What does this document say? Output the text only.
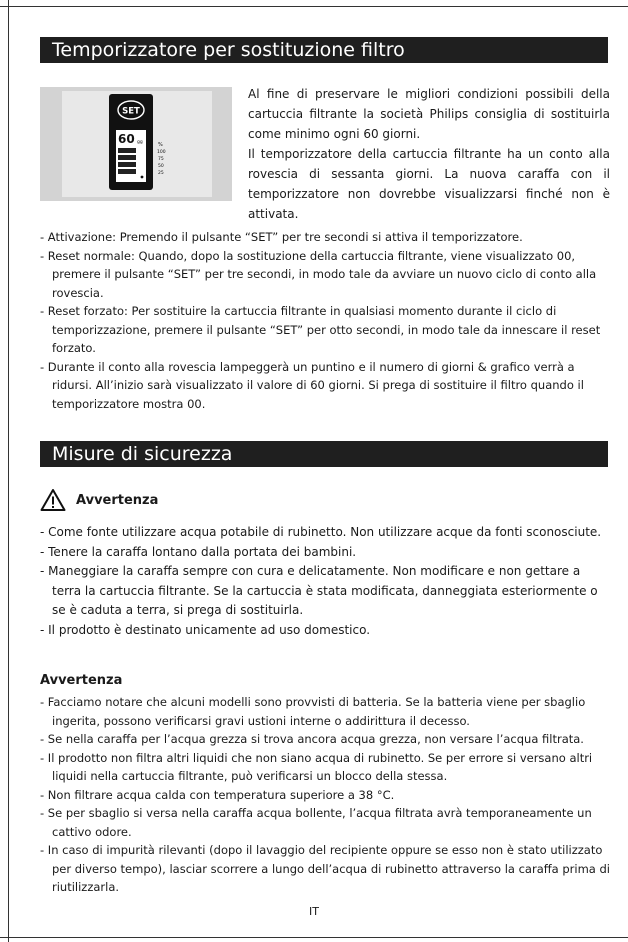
Temporizzatore per sostituzione filtro
SET
60 gg	%
100
75
50
25

Al fine di preservare le migliori condizioni possibili della cartuccia filtrante la società Philips consiglia di sostituirla come minimo ogni 60 giorni.

Il temporizzatore della cartuccia filtrante ha un conto alla rovescia di sessanta giorni. La nuova caraffa con il temporizzatore non dovrebbe visualizzarsi finché non è attivata.

- Attivazione: Premendo il pulsante “SET” per tre secondi si attiva il temporizzatore.
- Reset normale: Quando, dopo la sostituzione della cartuccia filtrante, viene visualizzato 00, premere il pulsante “SET” per tre secondi, in modo tale da avviare un nuovo ciclo di conto alla rovescia.
- Reset forzato: Per sostituire la cartuccia filtrante in qualsiasi momento durante il ciclo di temporizzazione, premere il pulsante “SET” per otto secondi, in modo tale da innescare il reset forzato.
- Durante il conto alla rovescia lampeggerà un puntino e il numero di giorni & grafico verrà a ridursi. All’inizio sarà visualizzato il valore di 60 giorni. Si prega di sostituire il filtro quando il temporizzatore mostra 00.
Misure di sicurezza
Avvertenza
- Come fonte utilizzare acqua potabile di rubinetto. Non utilizzare acque da fonti sconosciute.
- Tenere la caraffa lontano dalla portata dei bambini.
- Maneggiare la caraffa sempre con cura e delicatamente. Non modificare e non gettare a terra la cartuccia filtrante. Se la cartuccia è stata modificata, danneggiata esteriormente o se è caduta a terra, si prega di sostituirla.
- Il prodotto è destinato unicamente ad uso domestico.

Avvertenza

- Facciamo notare che alcuni modelli sono provvisti di batteria. Se la batteria viene per sbaglio ingerita, possono verificarsi gravi ustioni interne o addirittura il decesso.
- Se nella caraffa per l’acqua grezza si trova ancora acqua grezza, non versare l’acqua filtrata.
- Il prodotto non filtra altri liquidi che non siano acqua di rubinetto. Se per errore si versano altri liquidi nella cartuccia filtrante, può verificarsi un blocco della stessa.
- Non filtrare acqua calda con temperatura superiore a 38 °C.
- Se per sbaglio si versa nella caraffa acqua bollente, l’acqua filtrata avrà temporaneamente un cattivo odore.
- In caso di impurità rilevanti (dopo il lavaggio del recipiente oppure se esso non è stato utilizzato per diverso tempo), lasciar scorrere a lungo dell’acqua di rubinetto attraverso la caraffa prima di riutilizzarla.
IT
